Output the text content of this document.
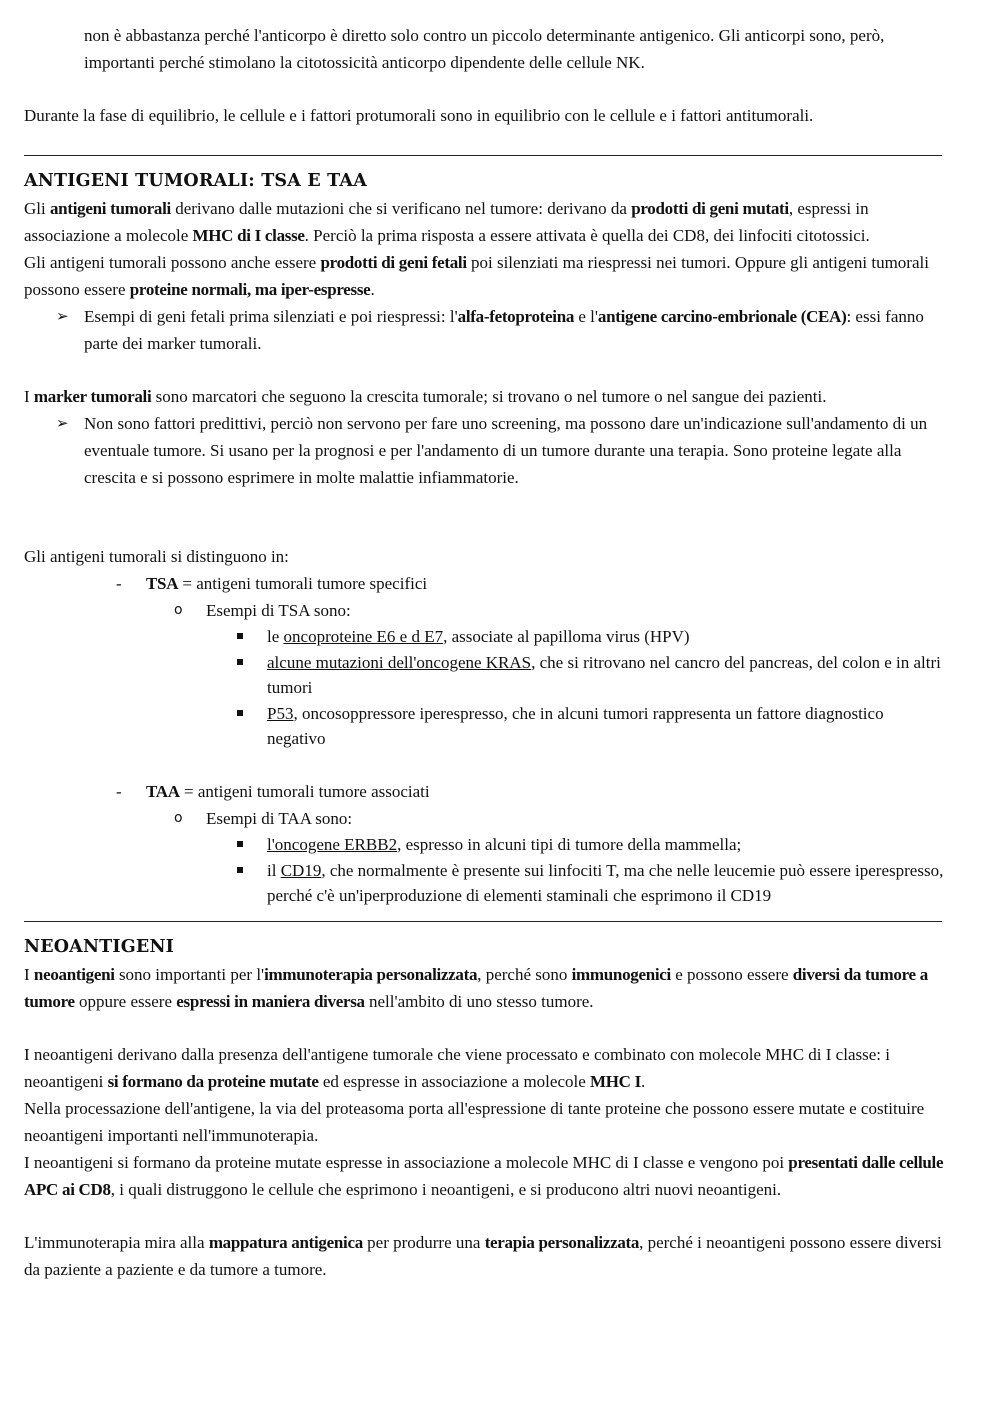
non è abbastanza perché l'anticorpo è diretto solo contro un piccolo determinante antigenico. Gli anticorpi sono, però, importanti perché stimolano la citotossicità anticorpo dipendente delle cellule NK.

Durante la fase di equilibrio, le cellule e i fattori protumorali sono in equilibrio con le cellule e i fattori antitumorali.

ANTIGENI TUMORALI: TSA E TAA

Gli antigeni tumorali derivano dalle mutazioni che si verificano nel tumore: derivano da prodotti di geni mutati, espressi in associazione a molecole MHC di I classe. Perciò la prima risposta a essere attivata è quella dei CD8, dei linfociti citotossici.

Gli antigeni tumorali possono anche essere prodotti di geni fetali poi silenziati ma riespressi nei tumori. Oppure gli antigeni tumorali possono essere proteine normali, ma iper-espresse.

➢ Esempi di geni fetali prima silenziati e poi riespressi: l'alfa-fetoproteina e l'antigene carcino-embrionale (CEA): essi fanno parte dei marker tumorali.

I marker tumorali sono marcatori che seguono la crescita tumorale; si trovano o nel tumore o nel sangue dei pazienti.

➢ Non sono fattori predittivi, perciò non servono per fare uno screening, ma possono dare un'indicazione sull'andamento di un eventuale tumore. Si usano per la prognosi e per l'andamento di un tumore durante una terapia. Sono proteine legate alla crescita e si possono esprimere in molte malattie infiammatorie.

Gli antigeni tumorali si distinguono in:

- TSA = antigeni tumorali tumore specifici
o Esempi di TSA sono:
le oncoproteine E6 e d E7, associate al papilloma virus (HPV)
alcune mutazioni dell'oncogene KRAS, che si ritrovano nel cancro del pancreas, del colon e in altri tumori
P53, oncosoppressore iperespresso, che in alcuni tumori rappresenta un fattore diagnostico negativo
- TAA = antigeni tumorali tumore associati
o Esempi di TAA sono:
l'oncogene ERBB2, espresso in alcuni tipi di tumore della mammella;
il CD19, che normalmente è presente sui linfociti T, ma che nelle leucemie può essere iperespresso, perché c'è un'iperproduzione di elementi staminali che esprimono il CD19
NEOANTIGENI

I neoantigeni sono importanti per l'immunoterapia personalizzata, perché sono immunogenici e possono essere diversi da tumore a tumore oppure essere espressi in maniera diversa nell'ambito di uno stesso tumore.

I neoantigeni derivano dalla presenza dell'antigene tumorale che viene processato e combinato con molecole MHC di I classe: i neoantigeni si formano da proteine mutate ed espresse in associazione a molecole MHC I.

Nella processazione dell'antigene, la via del proteasoma porta all'espressione di tante proteine che possono essere mutate e costituire neoantigeni importanti nell'immunoterapia.

I neoantigeni si formano da proteine mutate espresse in associazione a molecole MHC di I classe e vengono poi presentati dalle cellule APC ai CD8, i quali distruggono le cellule che esprimono i neoantigeni, e si producono altri nuovi neoantigeni.

L'immunoterapia mira alla mappatura antigenica per produrre una terapia personalizzata, perché i neoantigeni possono essere diversi da paziente a paziente e da tumore a tumore.
